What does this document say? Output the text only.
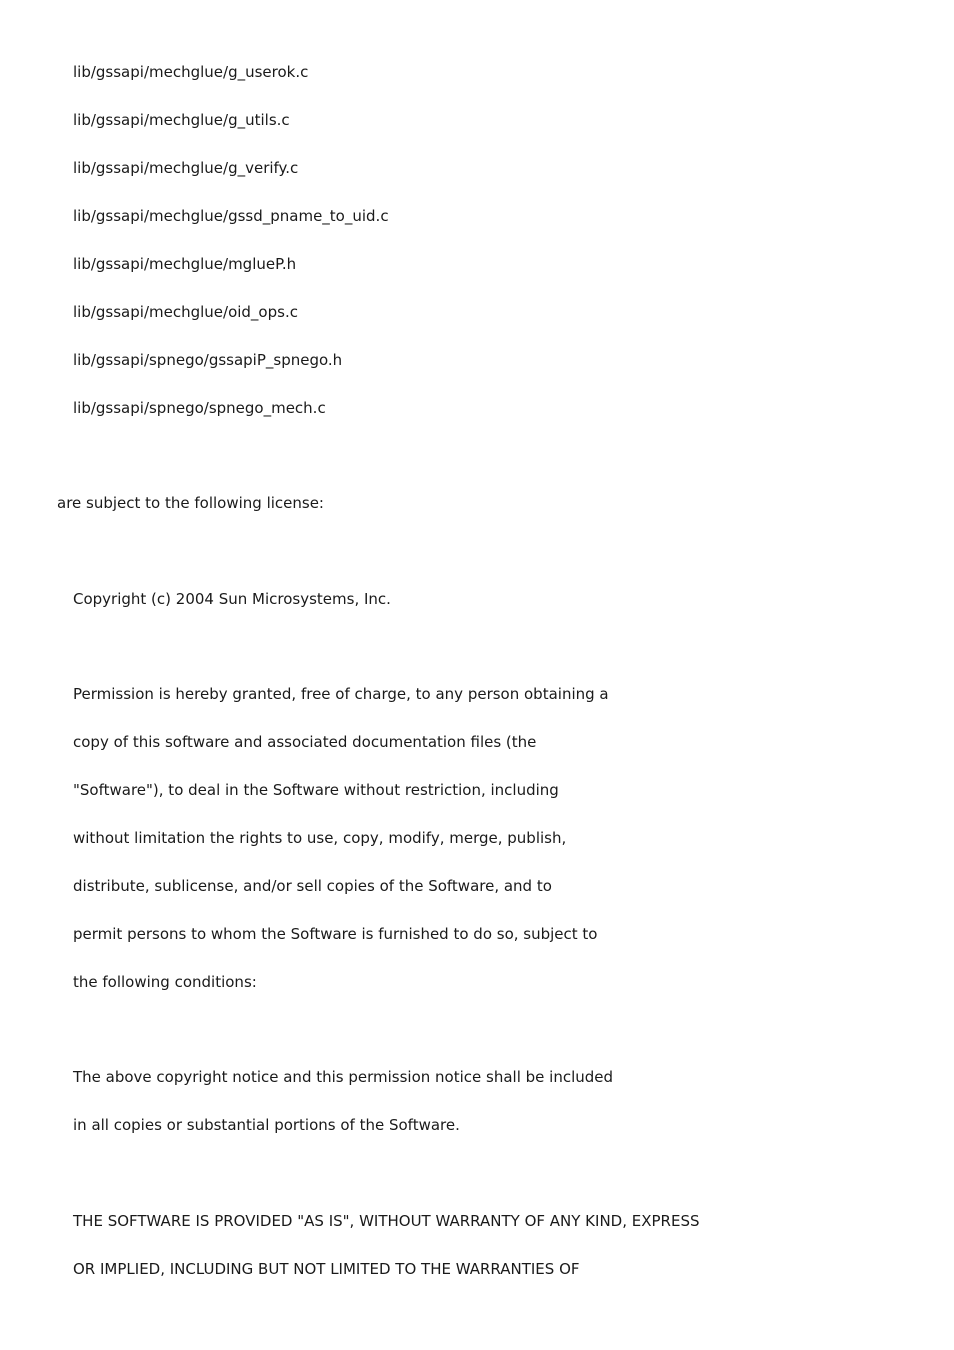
lib/gssapi/mechglue/g_userok.c
lib/gssapi/mechglue/g_utils.c
lib/gssapi/mechglue/g_verify.c
lib/gssapi/mechglue/gssd_pname_to_uid.c
lib/gssapi/mechglue/mglueP.h
lib/gssapi/mechglue/oid_ops.c
lib/gssapi/spnego/gssapiP_spnego.h
lib/gssapi/spnego/spnego_mech.c
are subject to the following license:
Copyright (c) 2004 Sun Microsystems, Inc.
Permission is hereby granted, free of charge, to any person obtaining a
copy of this software and associated documentation files (the
"Software"), to deal in the Software without restriction, including
without limitation the rights to use, copy, modify, merge, publish,
distribute, sublicense, and/or sell copies of the Software, and to
permit persons to whom the Software is furnished to do so, subject to
the following conditions:
The above copyright notice and this permission notice shall be included
in all copies or substantial portions of the Software.
THE SOFTWARE IS PROVIDED "AS IS", WITHOUT WARRANTY OF ANY KIND, EXPRESS
OR IMPLIED, INCLUDING BUT NOT LIMITED TO THE WARRANTIES OF
